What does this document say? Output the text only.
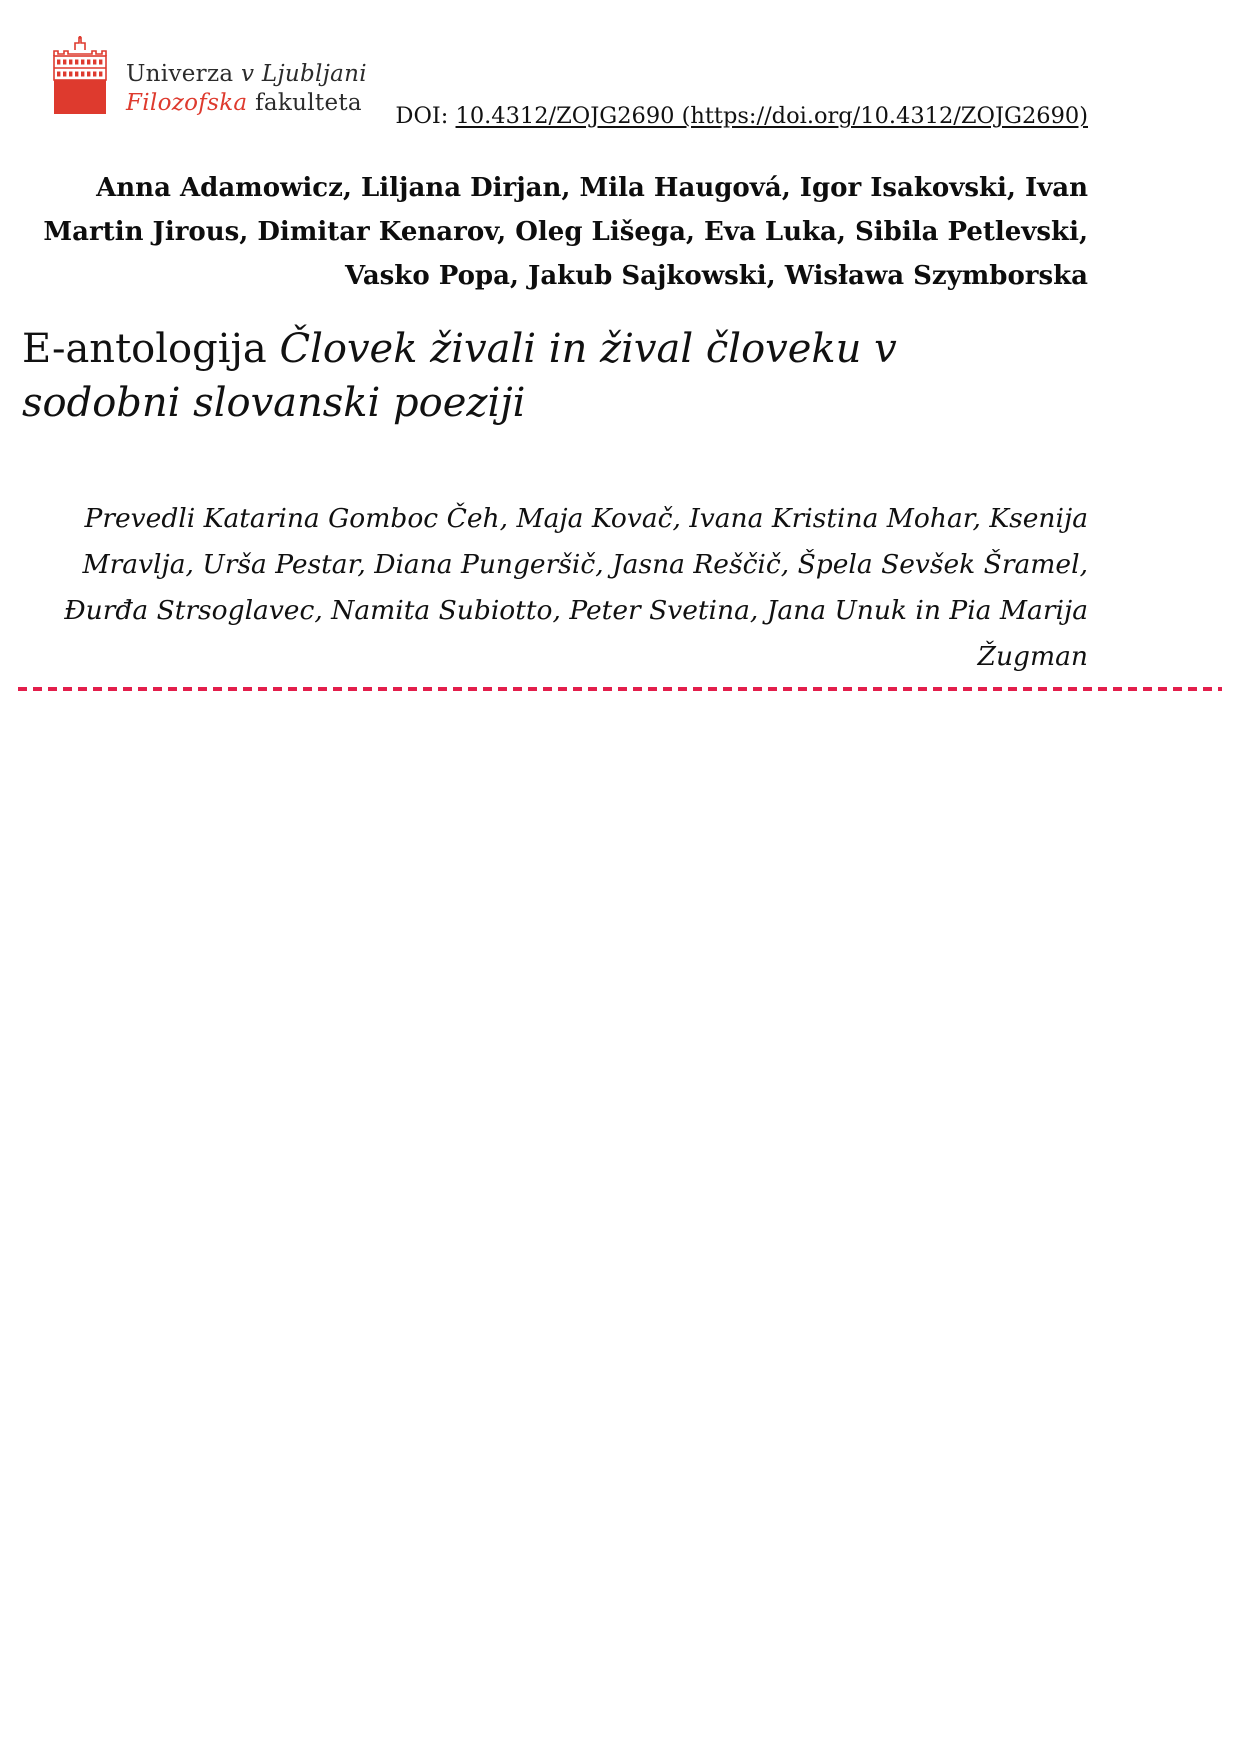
Univerza v Ljubljani
Filozofska fakulteta	DOI: 10.4312/ZOJG2690 (https://doi.org/10.4312/ZOJG2690)
Anna Adamowicz, Liljana Dirjan, Mila Haugová, Igor Isakovski, Ivan Martin Jirous, Dimitar Kenarov, Oleg Lišega, Eva Luka, Sibila Petlevski, Vasko Popa, Jakub Sajkowski, Wisława Szymborska
E-antologija Človek živali in žival človeku v sodobni slovanski poeziji
Prevedli Katarina Gomboc Čeh, Maja Kovač, Ivana Kristina Mohar, Ksenija Mravlja, Urša Pestar, Diana Pungeršič, Jasna Reščič, Špela Sevšek Šramel, Đurđa Strsoglavec, Namita Subiotto, Peter Svetina, Jana Unuk in Pia Marija Žugman
